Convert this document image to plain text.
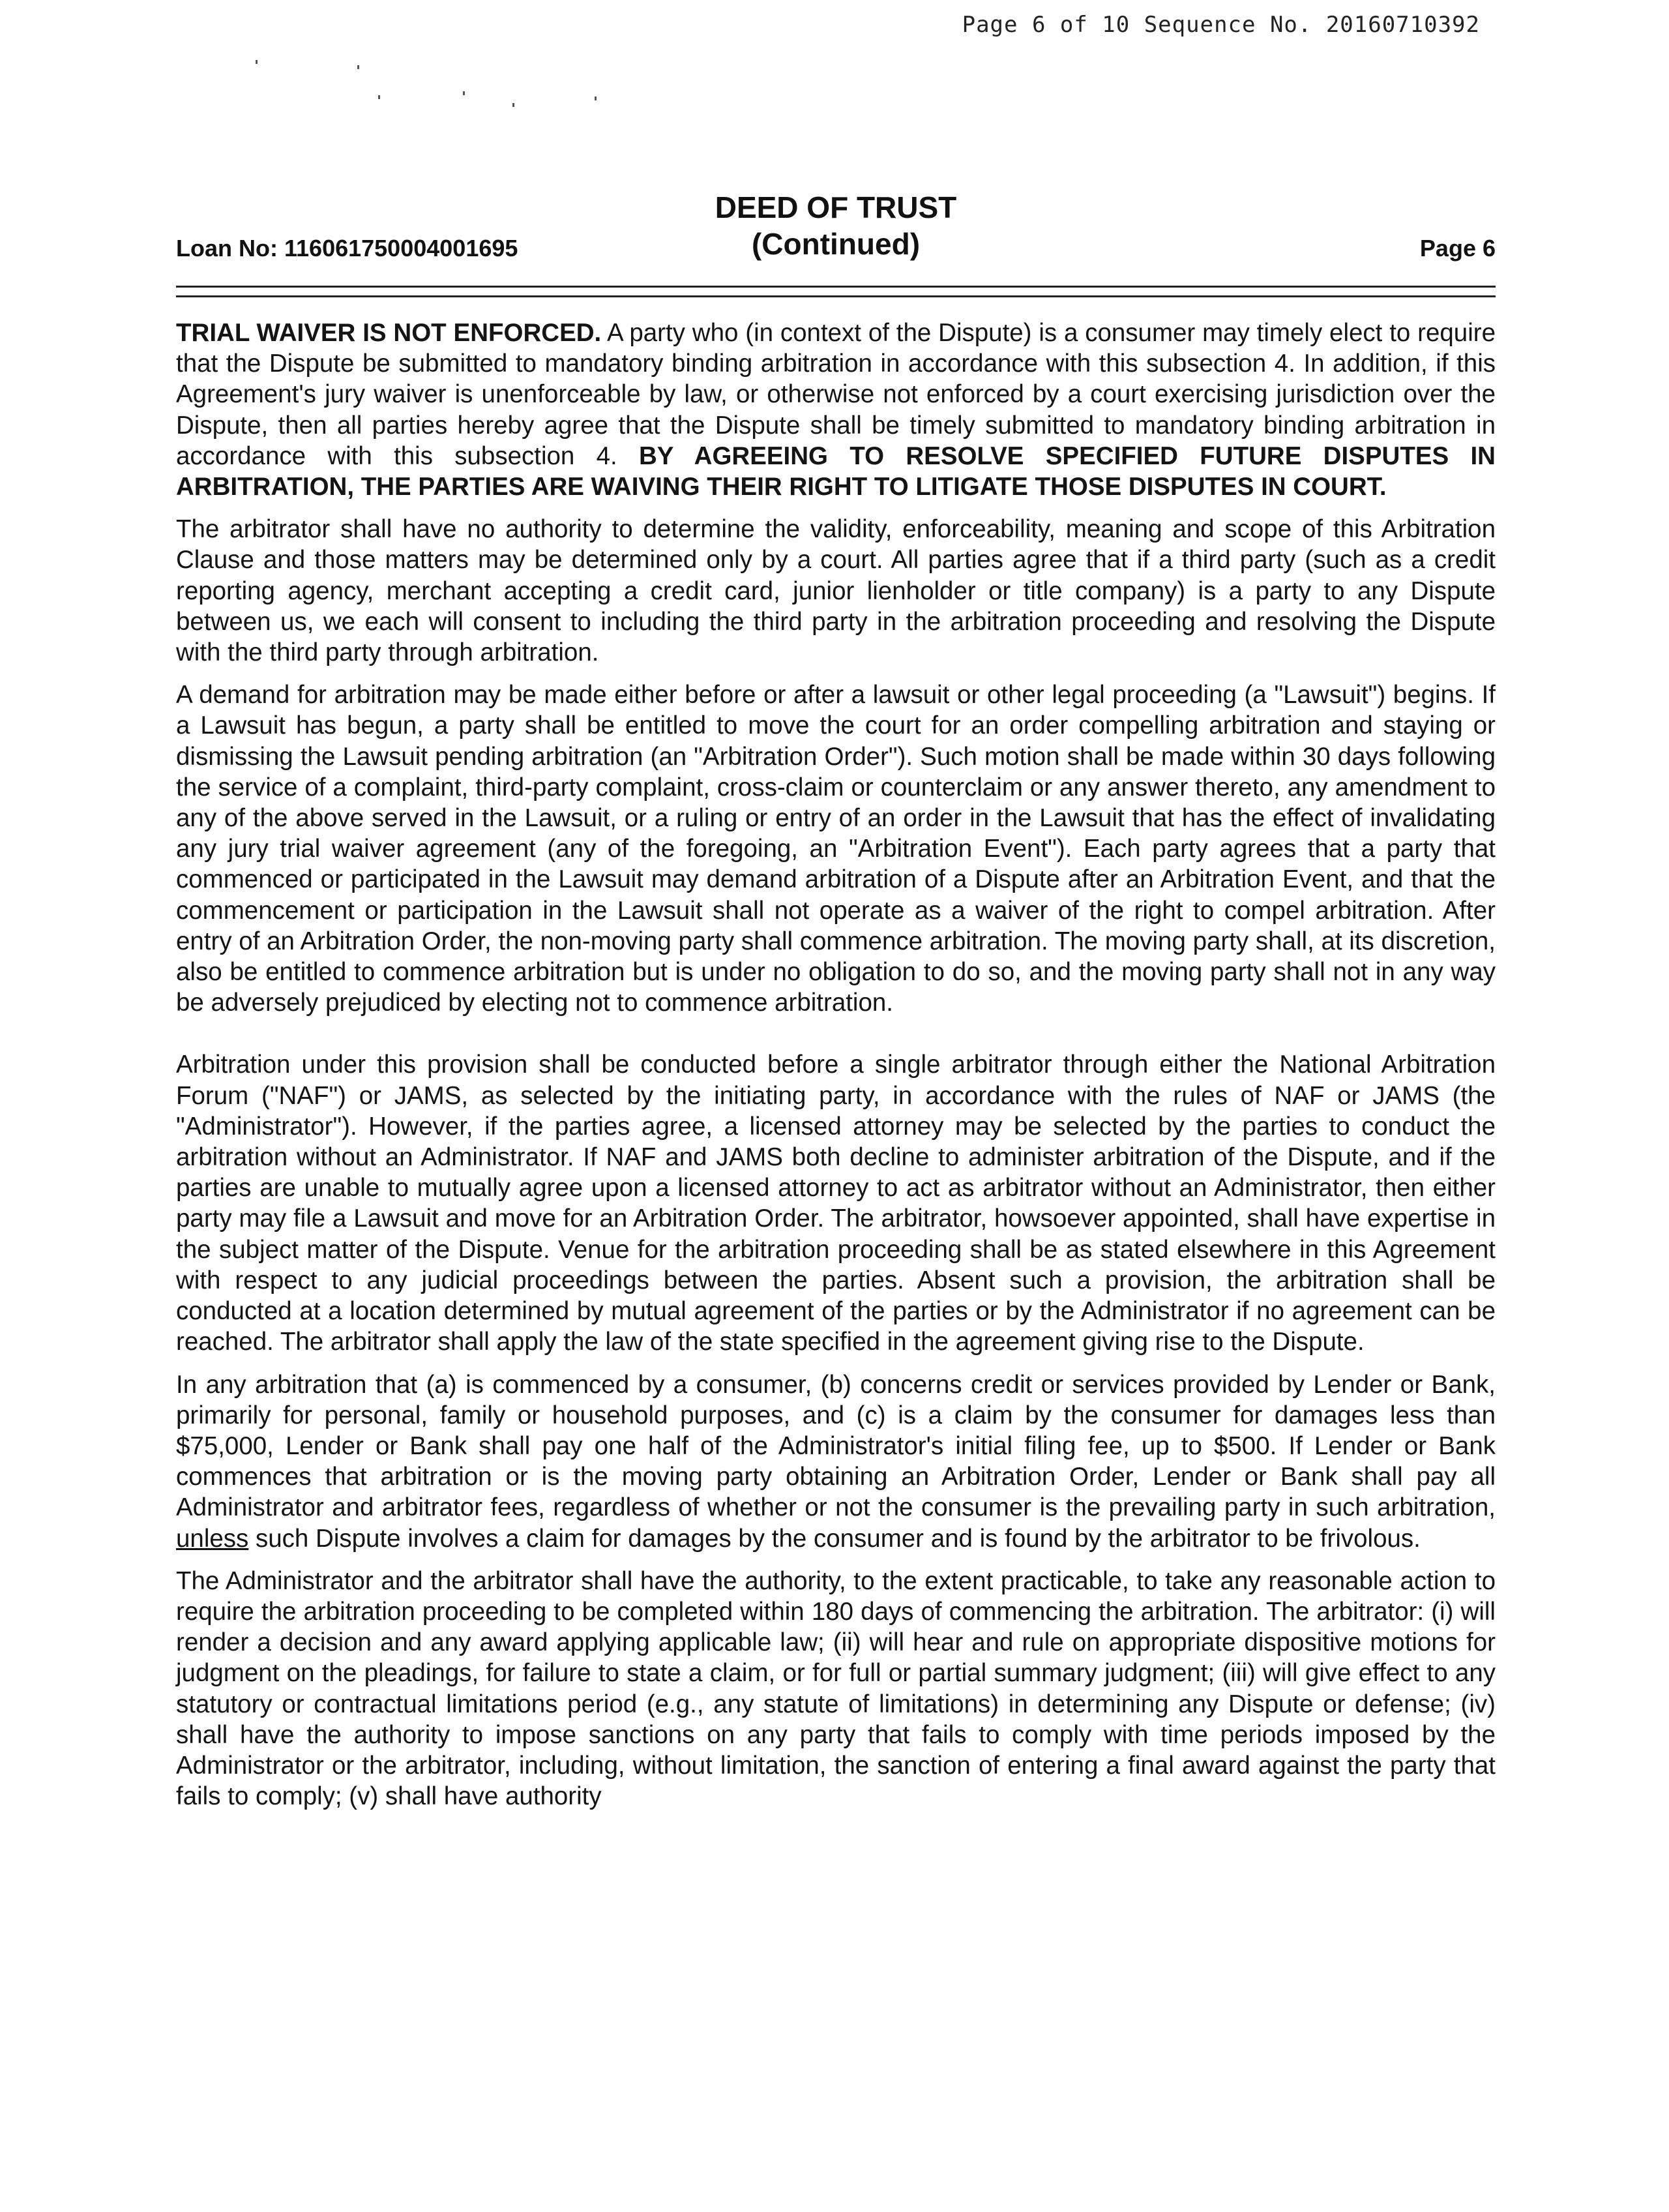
Page 6 of 10 Sequence No. 20160710392
Loan No: 116061750004001695
DEED OF TRUST
(Continued)	Page 6

TRIAL WAIVER IS NOT ENFORCED. A party who (in context of the Dispute) is a consumer may timely elect to require that the Dispute be submitted to mandatory binding arbitration in accordance with this subsection 4. In addition, if this Agreement's jury waiver is unenforceable by law, or otherwise not enforced by a court exercising jurisdiction over the Dispute, then all parties hereby agree that the Dispute shall be timely submitted to mandatory binding arbitration in accordance with this subsection 4. BY AGREEING TO RESOLVE SPECIFIED FUTURE DISPUTES IN ARBITRATION, THE PARTIES ARE WAIVING THEIR RIGHT TO LITIGATE THOSE DISPUTES IN COURT.

The arbitrator shall have no authority to determine the validity, enforceability, meaning and scope of this Arbitration Clause and those matters may be determined only by a court. All parties agree that if a third party (such as a credit reporting agency, merchant accepting a credit card, junior lienholder or title company) is a party to any Dispute between us, we each will consent to including the third party in the arbitration proceeding and resolving the Dispute with the third party through arbitration.

A demand for arbitration may be made either before or after a lawsuit or other legal proceeding (a "Lawsuit") begins. If a Lawsuit has begun, a party shall be entitled to move the court for an order compelling arbitration and staying or dismissing the Lawsuit pending arbitration (an "Arbitration Order"). Such motion shall be made within 30 days following the service of a complaint, third-party complaint, cross-claim or counterclaim or any answer thereto, any amendment to any of the above served in the Lawsuit, or a ruling or entry of an order in the Lawsuit that has the effect of invalidating any jury trial waiver agreement (any of the foregoing, an "Arbitration Event"). Each party agrees that a party that commenced or participated in the Lawsuit may demand arbitration of a Dispute after an Arbitration Event, and that the commencement or participation in the Lawsuit shall not operate as a waiver of the right to compel arbitration. After entry of an Arbitration Order, the non-moving party shall commence arbitration. The moving party shall, at its discretion, also be entitled to commence arbitration but is under no obligation to do so, and the moving party shall not in any way be adversely prejudiced by electing not to commence arbitration.

Arbitration under this provision shall be conducted before a single arbitrator through either the National Arbitration Forum ("NAF") or JAMS, as selected by the initiating party, in accordance with the rules of NAF or JAMS (the "Administrator"). However, if the parties agree, a licensed attorney may be selected by the parties to conduct the arbitration without an Administrator. If NAF and JAMS both decline to administer arbitration of the Dispute, and if the parties are unable to mutually agree upon a licensed attorney to act as arbitrator without an Administrator, then either party may file a Lawsuit and move for an Arbitration Order. The arbitrator, howsoever appointed, shall have expertise in the subject matter of the Dispute. Venue for the arbitration proceeding shall be as stated elsewhere in this Agreement with respect to any judicial proceedings between the parties. Absent such a provision, the arbitration shall be conducted at a location determined by mutual agreement of the parties or by the Administrator if no agreement can be reached. The arbitrator shall apply the law of the state specified in the agreement giving rise to the Dispute.

In any arbitration that (a) is commenced by a consumer, (b) concerns credit or services provided by Lender or Bank, primarily for personal, family or household purposes, and (c) is a claim by the consumer for damages less than $75,000, Lender or Bank shall pay one half of the Administrator's initial filing fee, up to $500. If Lender or Bank commences that arbitration or is the moving party obtaining an Arbitration Order, Lender or Bank shall pay all Administrator and arbitrator fees, regardless of whether or not the consumer is the prevailing party in such arbitration, unless such Dispute involves a claim for damages by the consumer and is found by the arbitrator to be frivolous.

The Administrator and the arbitrator shall have the authority, to the extent practicable, to take any reasonable action to require the arbitration proceeding to be completed within 180 days of commencing the arbitration. The arbitrator: (i) will render a decision and any award applying applicable law; (ii) will hear and rule on appropriate dispositive motions for judgment on the pleadings, for failure to state a claim, or for full or partial summary judgment; (iii) will give effect to any statutory or contractual limitations period (e.g., any statute of limitations) in determining any Dispute or defense; (iv) shall have the authority to impose sanctions on any party that fails to comply with time periods imposed by the Administrator or the arbitrator, including, without limitation, the sanction of entering a final award against the party that fails to comply; (v) shall have authority
